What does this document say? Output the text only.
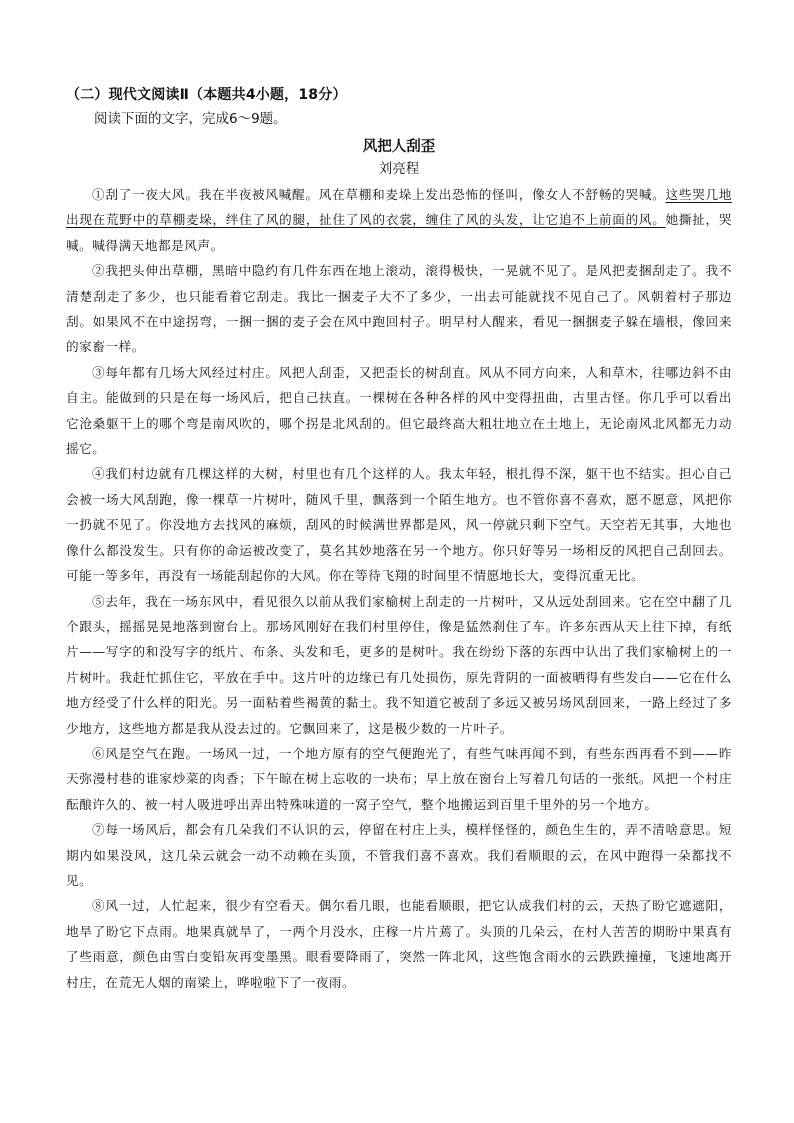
（二）现代文阅读Ⅱ（本题共4小题，18分）
阅读下面的文字，完成6～9题。
风把人刮歪
刘亮程

①刮了一夜大风。我在半夜被风喊醒。风在草棚和麦垛上发出恐怖的怪叫，像女人不舒畅的哭喊。这些哭几地出现在荒野中的草棚麦垛，绊住了风的腿，扯住了风的衣裳，缠住了风的头发，让它追不上前面的风。她撕扯，哭喊。喊得满天地都是风声。

②我把头伸出草棚，黑暗中隐约有几件东西在地上滚动，滚得极快，一晃就不见了。是风把麦捆刮走了。我不清楚刮走了多少，也只能看着它刮走。我比一捆麦子大不了多少，一出去可能就找不见自己了。风朝着村子那边刮。如果风不在中途拐弯，一捆一捆的麦子会在风中跑回村子。明早村人醒来，看见一捆捆麦子躲在墙根，像回来的家畜一样。

③每年都有几场大风经过村庄。风把人刮歪，又把歪长的树刮直。风从不同方向来，人和草木，往哪边斜不由自主。能做到的只是在每一场风后，把自己扶直。一棵树在各种各样的风中变得扭曲，古里古怪。你几乎可以看出它沧桑躯干上的哪个弯是南风吹的，哪个拐是北风刮的。但它最终高大粗壮地立在土地上，无论南风北风都无力动摇它。

④我们村边就有几棵这样的大树，村里也有几个这样的人。我太年轻，根扎得不深，躯干也不结实。担心自己会被一场大风刮跑，像一棵草一片树叶，随风千里，飘落到一个陌生地方。也不管你喜不喜欢，愿不愿意，风把你一扔就不见了。你没地方去找风的麻烦，刮风的时候满世界都是风，风一停就只剩下空气。天空若无其事，大地也像什么都没发生。只有你的命运被改变了，莫名其妙地落在另一个地方。你只好等另一场相反的风把自己刮回去。可能一等多年，再没有一场能刮起你的大风。你在等待飞翔的时间里不情愿地长大，变得沉重无比。

⑤去年，我在一场东风中，看见很久以前从我们家榆树上刮走的一片树叶，又从远处刮回来。它在空中翻了几个跟头，摇摇晃晃地落到窗台上。那场风刚好在我们村里停住，像是猛然刹住了车。许多东西从天上往下掉，有纸片——写字的和没写字的纸片、布条、头发和毛，更多的是树叶。我在纷纷下落的东西中认出了我们家榆树上的一片树叶。我赶忙抓住它，平放在手中。这片叶的边缘已有几处损伤，原先背阴的一面被晒得有些发白——它在什么地方经受了什么样的阳光。另一面粘着些褐黄的黏土。我不知道它被刮了多远又被另场风刮回来，一路上经过了多少地方，这些地方都是我从没去过的。它飘回来了，这是极少数的一片叶子。

⑥风是空气在跑。一场风一过，一个地方原有的空气便跑光了，有些气味再闻不到，有些东西再看不到——昨天弥漫村巷的谁家炒菜的肉香；下午晾在树上忘收的一块布；早上放在窗台上写着几句话的一张纸。风把一个村庄酝酿许久的、被一村人吸进呼出弄出特殊味道的一窝子空气，整个地搬运到百里千里外的另一个地方。

⑦每一场风后，都会有几朵我们不认识的云，停留在村庄上头，模样怪怪的，颜色生生的，弄不清啥意思。短期内如果没风，这几朵云就会一动不动赖在头顶，不管我们喜不喜欢。我们看顺眼的云，在风中跑得一朵都找不见。

⑧风一过，人忙起来，很少有空看天。偶尔看几眼，也能看顺眼，把它认成我们村的云，天热了盼它遮遮阳，地旱了盼它下点雨。地果真就旱了，一两个月没水，庄稼一片片蔫了。头顶的几朵云，在村人苦苦的期盼中果真有了些雨意，颜色由雪白变铅灰再变墨黑。眼看要降雨了，突然一阵北风，这些饱含雨水的云跌跌撞撞，飞速地离开村庄，在荒无人烟的南梁上，哗啦啦下了一夜雨。
